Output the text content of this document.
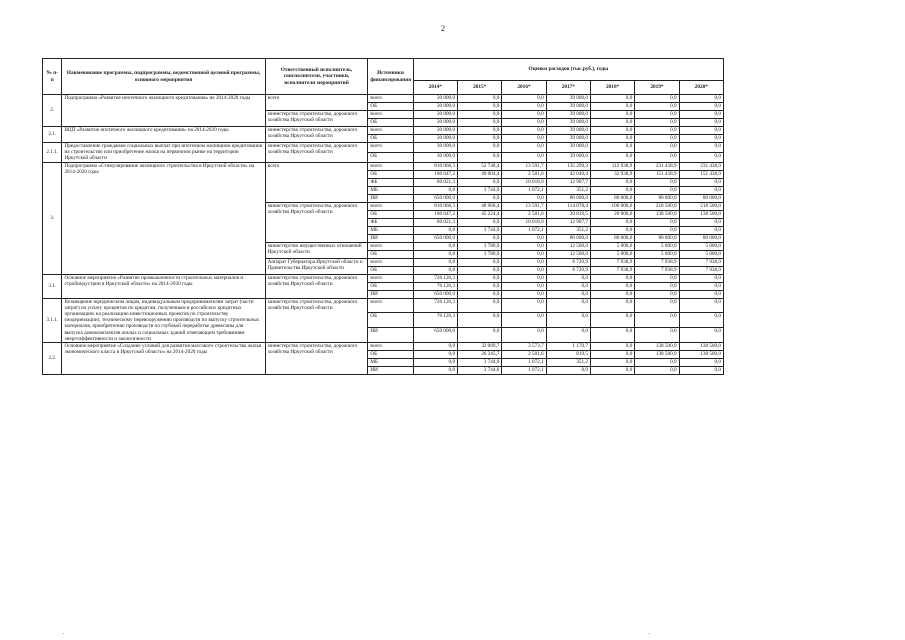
2
№ п-п	Наименование программы, подпрограммы, ведомственной целевой программы, основного мероприятия	Ответственный исполнитель, соисполнители, участники, исполнители мероприятий	Источники финансирования	Оценки расходов (тыс.руб.), годы						
				2014*	2015*	2016*	2017*	2018*	2019*	2020*
2.	Подпрограмма «Развитие ипотечного жилищного кредитования» на 2014-2020 годы	всего	всего	30 000,0	0,0	0,0	39 000,0	0,0	0,0	0,0
			ОБ	30 000,0	0,0	0,0	39 000,0	0,0	0,0	0,0
		министерство строительства, дорожного хозяйства Иркутской области	всего	30 000,0	0,0	0,0	39 000,0	0,0	0,0	0,0
			ОБ	30 000,0	0,0	0,0	39 000,0	0,0	0,0	0,0
2.1.	ВЦП «Развитие ипотечного жилищного кредитования» на 2014-2020 годы	министерство строительства, дорожного хозяйства Иркутской области	всего	30 000,0	0,0	0,0	39 000,0	0,0	0,0	0,0
			ОБ	30 000,0	0,0	0,0	39 000,0	0,0	0,0	0,0
2.1.1.	Предоставление гражданам социальных выплат при ипотечном жилищном кредитовании на строительство или приобретение жилья на первичном рынке на территории Иркутской области	министерство строительства, дорожного хозяйства Иркутской области	всего	30 000,0	0,0	0,0	39 000,0	0,0	0,0	0,0
			ОБ	30 000,0	0,0	0,0	39 000,0	0,0	0,0	0,0
3.	Подпрограмма «Стимулирование жилищного строительства в Иркутской области» на 2014-2020 годы	всего	всего	810 068,5	52 748,4	13 591,7	135 299,3	112 938,9	231 438,9	231 438,9
			ОБ	100 047,2	49 004,4	2 501,6	42 040,4	32 938,9	151 438,9	151 438,9
			ФБ	60 021,3	0,0	10 018,0	12 907,7	0,0	0,0	0,0
			МБ	0,0	3 744,0	1 072,1	351,2	0,0	0,0	0,0
			ИИ	650 000,0	0,0	0,0	80 000,0	80 000,0	80 000,0	80 000,0
		министерство строительства, дорожного хозяйства Иркутской области	всего	810 068,5	48 968,4	13 591,7	114 078,4	100 000,0	218 500,0	218 500,0
			ОБ	100 047,2	45 224,4	2 501,6	20 819,5	20 000,0	138 500,0	138 500,0
			ФБ	60 021,3	0,0	10 018,0	12 907,7	0,0	0,0	0,0
			МБ	0,0	3 744,0	1 072,1	351,2	0,0	0,0	0,0
			ИИ	650 000,0	0,0	0,0	80 000,0	80 000,0	80 000,0	80 000,0
		министерство имущественных отношений Иркутской области	всего	0,0	3 780,0	0,0	12 500,0	5 000,0	5 000,0	5 000,0
			ОБ	0,0	3 780,0	0,0	12 500,0	5 000,0	5 000,0	5 000,0
		Аппарат Губернатора Иркутской области и Правительства Иркутской области	всего	0,0	0,0	0,0	8 720,9	7 938,9	7 938,9	7 938,9
			ОБ	0,0	0,0	0,0	8 720,9	7 938,9	7 938,9	7 938,9
3.1.	Основное мероприятие «Развитие промышленности строительных материалов и стройиндустрии в Иркутской области» на 2014-2020 годы	министерство строительства, дорожного хозяйства Иркутской области	всего	726 126,3	0,0	0,0	0,0	0,0	0,0	0,0
			ОБ	76 126,3	0,0	0,0	0,0	0,0	0,0	0,0
			ИИ	650 000,0	0,0	0,0	0,0	0,0	0,0	0,0
3.1.1.	Возмещение юридическим лицам, индивидуальным предпринимателям затрат (части затрат) на уплату процентов по кредитам, полученным в российских кредитных организациях на реализацию инвестиционных проектов по строительству (модернизации), техническому перевооружению производств по выпуску строительных материалов, приобретению производств по глубокой переработке древесины для выпуска домокомплектов жилых и социальных зданий отвечающим требованиям энергоэффективности и экологичности	министерство строительства, дорожного хозяйства Иркутской области	всего	726 126,3	0,0	0,0	0,0	0,0	0,0	0,0
			ОБ	76 126,3	0,0	0,0	0,0	0,0	0,0	0,0
			ИИ	650 000,0	0,0	0,0	0,0	0,0	0,0	0,0
3.2.	Основное мероприятие «Создание условий для развития массового строительства жилья экономического класса в Иркутской области» на 2014-2020 годы	министерство строительства, дорожного хозяйства Иркутской области	всего	0,0	32 089,7	3 573,7	1 170,7	0,0	138 500,0	138 500,0
			ОБ	0,0	26 345,7	2 501,6	819,5	0,0	138 500,0	138 500,0
			МБ	0,0	3 744,0	1 072,1	351,2	0,0	0,0	0,0
			ИИ	0,0	3 744,0	1 072,1	0,0	0,0	0,0	0,0
·	·
